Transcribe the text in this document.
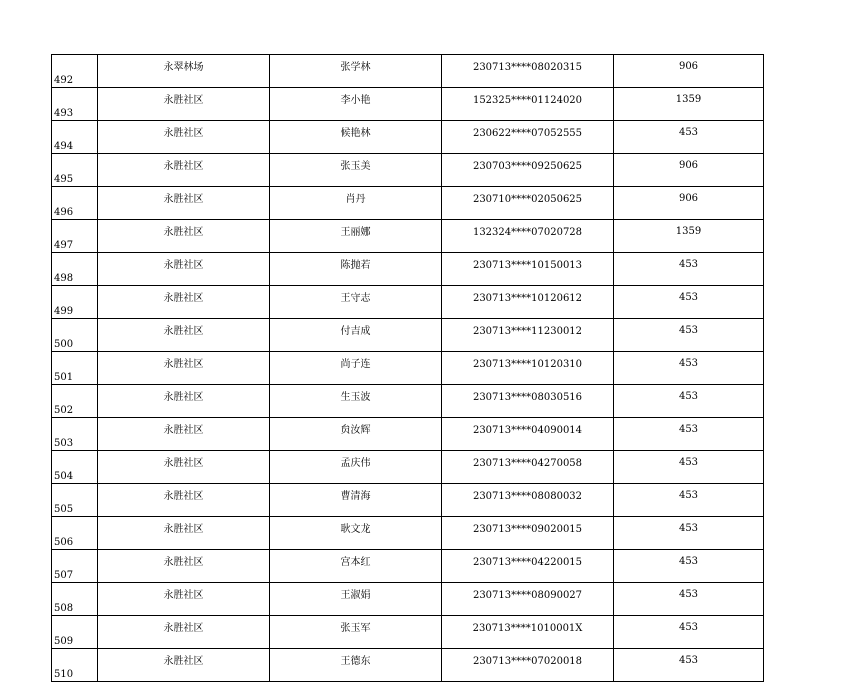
492	永翠林场	张学林	230713****08020315	906
493	永胜社区	李小艳	152325****01124020	1359
494	永胜社区	候艳林	230622****07052555	453
495	永胜社区	张玉美	230703****09250625	906
496	永胜社区	肖丹	230710****02050625	906
497	永胜社区	王丽娜	132324****07020728	1359
498	永胜社区	陈抛若	230713****10150013	453
499	永胜社区	王守志	230713****10120612	453
500	永胜社区	付吉成	230713****11230012	453
501	永胜社区	尚子连	230713****10120310	453
502	永胜社区	生玉波	230713****08030516	453
503	永胜社区	贠汝辉	230713****04090014	453
504	永胜社区	孟庆伟	230713****04270058	453
505	永胜社区	曹清海	230713****08080032	453
506	永胜社区	耿文龙	230713****09020015	453
507	永胜社区	宫本红	230713****04220015	453
508	永胜社区	王淑娟	230713****08090027	453
509	永胜社区	张玉军	230713****1010001X	453
510	永胜社区	王德东	230713****07020018	453
